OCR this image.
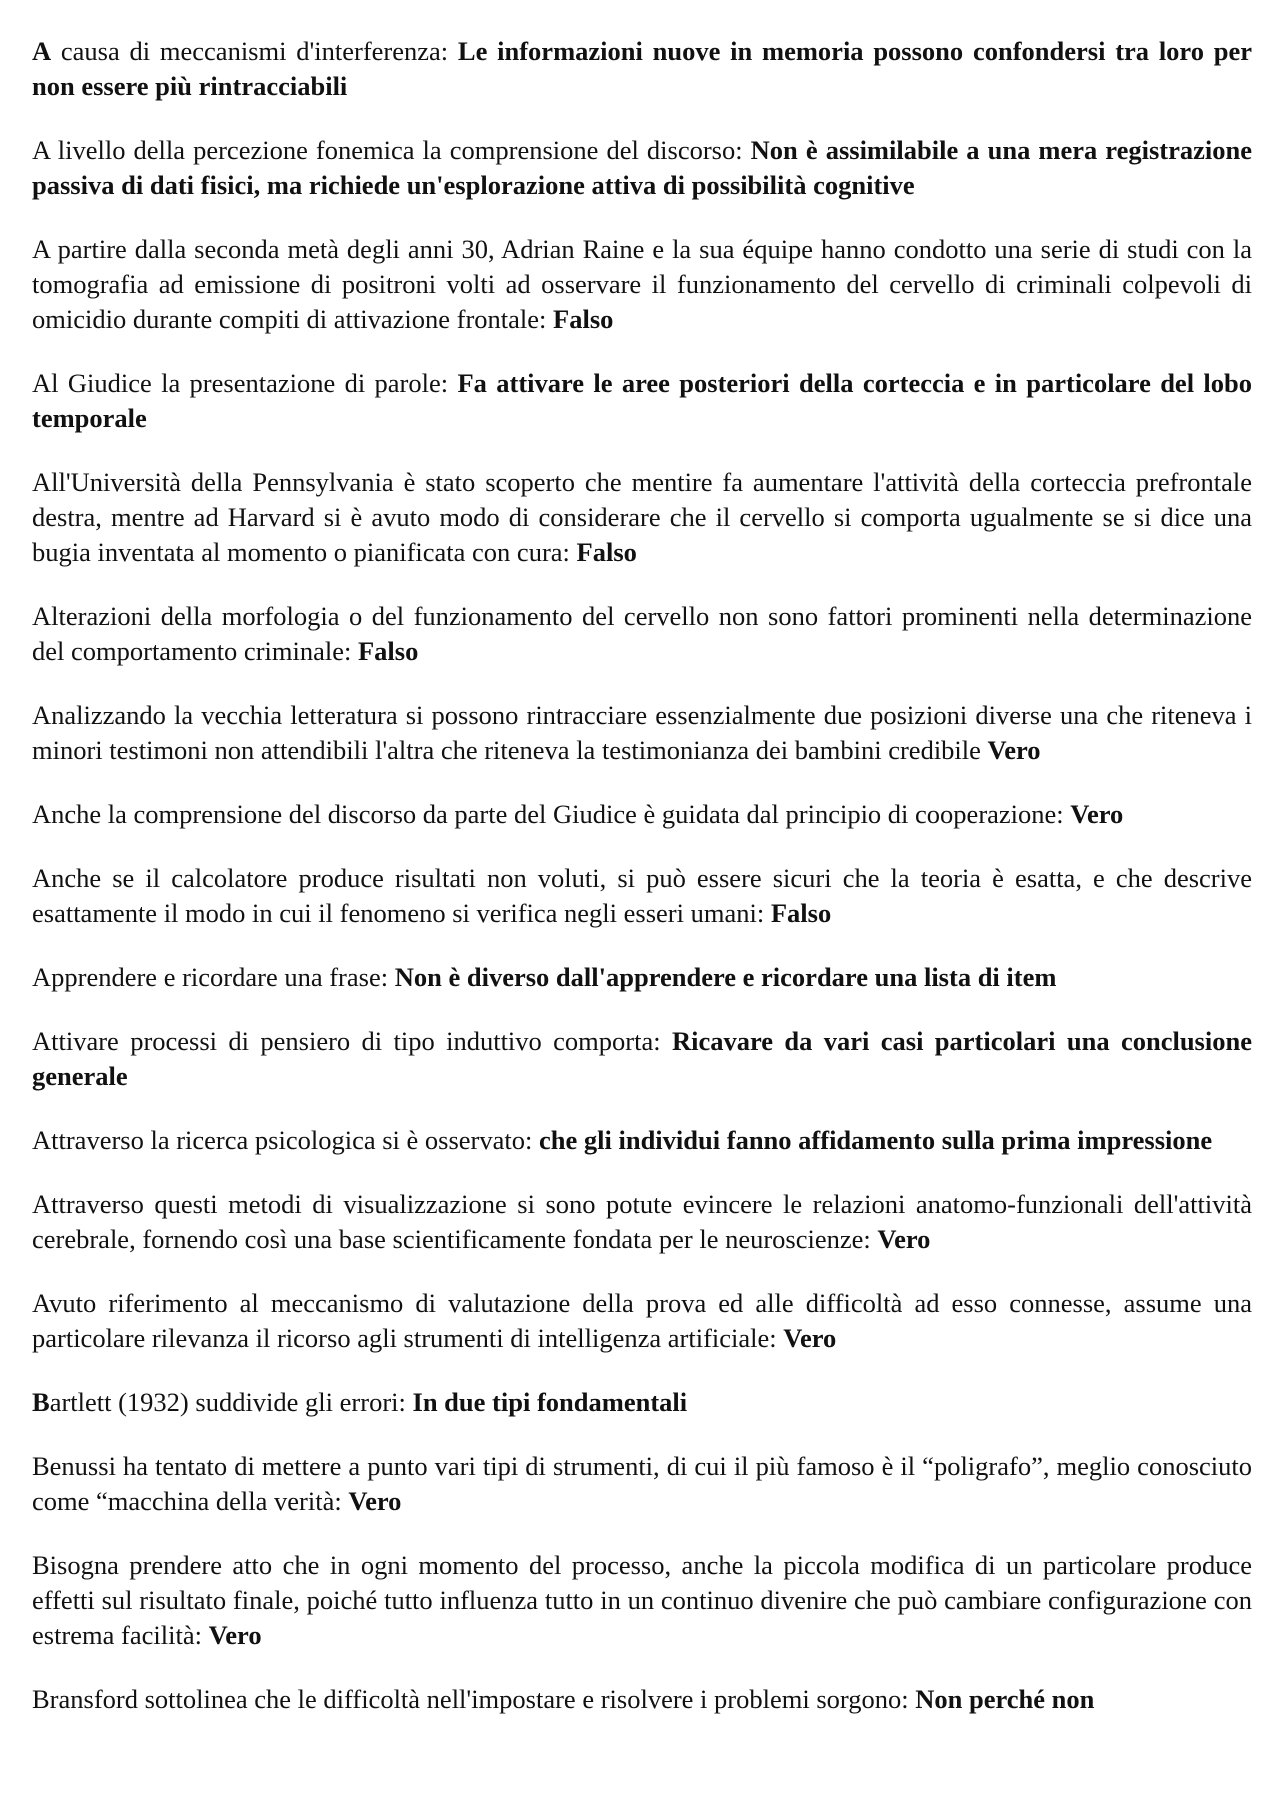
A causa di meccanismi d'interferenza: Le informazioni nuove in memoria possono confondersi tra loro per non essere più rintracciabili

A livello della percezione fonemica la comprensione del discorso: Non è assimilabile a una mera registrazione passiva di dati fisici, ma richiede un'esplorazione attiva di possibilità cognitive

A partire dalla seconda metà degli anni 30, Adrian Raine e la sua équipe hanno condotto una serie di studi con la tomografia ad emissione di positroni volti ad osservare il funzionamento del cervello di criminali colpevoli di omicidio durante compiti di attivazione frontale: Falso

Al Giudice la presentazione di parole: Fa attivare le aree posteriori della corteccia e in particolare del lobo temporale

All'Università della Pennsylvania è stato scoperto che mentire fa aumentare l'attività della corteccia prefrontale destra, mentre ad Harvard si è avuto modo di considerare che il cervello si comporta ugualmente se si dice una bugia inventata al momento o pianificata con cura: Falso

Alterazioni della morfologia o del funzionamento del cervello non sono fattori prominenti nella determinazione del comportamento criminale: Falso

Analizzando la vecchia letteratura si possono rintracciare essenzialmente due posizioni diverse una che riteneva i minori testimoni non attendibili l'altra che riteneva la testimonianza dei bambini credibile Vero

Anche la comprensione del discorso da parte del Giudice è guidata dal principio di cooperazione: Vero

Anche se il calcolatore produce risultati non voluti, si può essere sicuri che la teoria è esatta, e che descrive esattamente il modo in cui il fenomeno si verifica negli esseri umani: Falso

Apprendere e ricordare una frase: Non è diverso dall'apprendere e ricordare una lista di item

Attivare processi di pensiero di tipo induttivo comporta: Ricavare da vari casi particolari una conclusione generale

Attraverso la ricerca psicologica si è osservato: che gli individui fanno affidamento sulla prima impressione

Attraverso questi metodi di visualizzazione si sono potute evincere le relazioni anatomo-funzionali dell'attività cerebrale, fornendo così una base scientificamente fondata per le neuroscienze: Vero

Avuto riferimento al meccanismo di valutazione della prova ed alle difficoltà ad esso connesse, assume una particolare rilevanza il ricorso agli strumenti di intelligenza artificiale: Vero

Bartlett (1932) suddivide gli errori: In due tipi fondamentali

Benussi ha tentato di mettere a punto vari tipi di strumenti, di cui il più famoso è il “poligrafo”, meglio conosciuto come “macchina della verità: Vero

Bisogna prendere atto che in ogni momento del processo, anche la piccola modifica di un particolare produce effetti sul risultato finale, poiché tutto influenza tutto in un continuo divenire che può cambiare configurazione con estrema facilità: Vero

Bransford sottolinea che le difficoltà nell'impostare e risolvere i problemi sorgono: Non perché non
